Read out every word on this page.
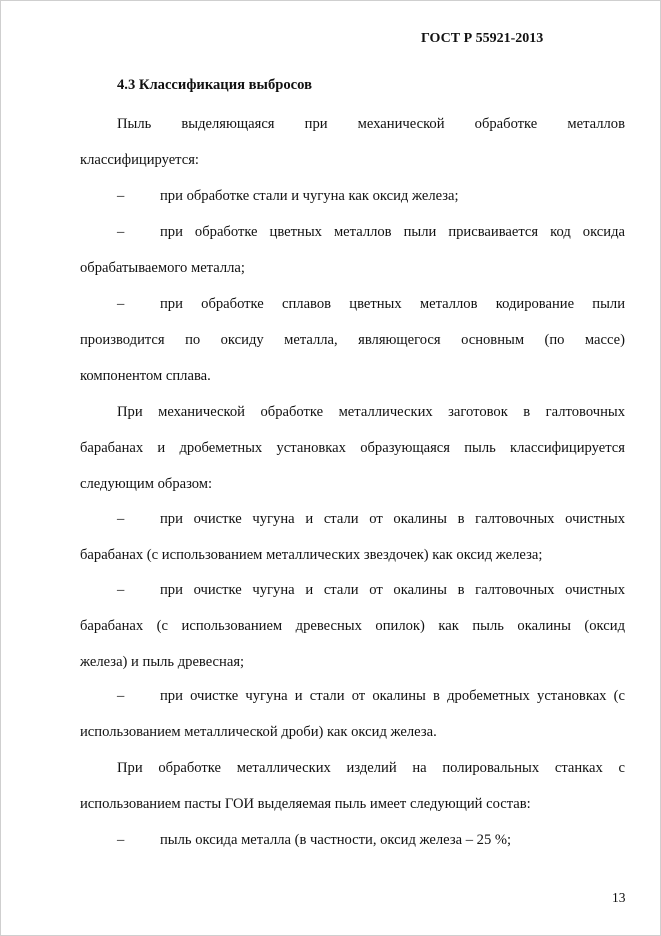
ГОСТ Р 55921-2013
4.3 Классификация выбросов
Пыль выделяющаяся при механической обработке металлов
классифицируется:
–	при обработке стали и чугуна как оксид железа;
–	при обработке цветных металлов пыли присваивается код оксида
обрабатываемого металла;
–	при обработке сплавов цветных металлов кодирование пыли
производится по оксиду металла, являющегося основным (по массе)
компонентом сплава.
При механической обработке металлических заготовок в галтовочных
барабанах и дробеметных установках образующаяся пыль классифицируется
следующим образом:
–	при очистке чугуна и стали от окалины в галтовочных очистных
барабанах (с использованием металлических звездочек) как оксид железа;
–	при очистке чугуна и стали от окалины в галтовочных очистных
барабанах (с использованием древесных опилок) как пыль окалины (оксид
железа) и пыль древесная;
–	при очистке чугуна и стали от окалины в дробеметных установках (с
использованием металлической дроби) как оксид железа.
При обработке металлических изделий на полировальных станках с
использованием пасты ГОИ выделяемая пыль имеет следующий состав:
–	пыль оксида металла (в частности, оксид железа – 25 %;
13
